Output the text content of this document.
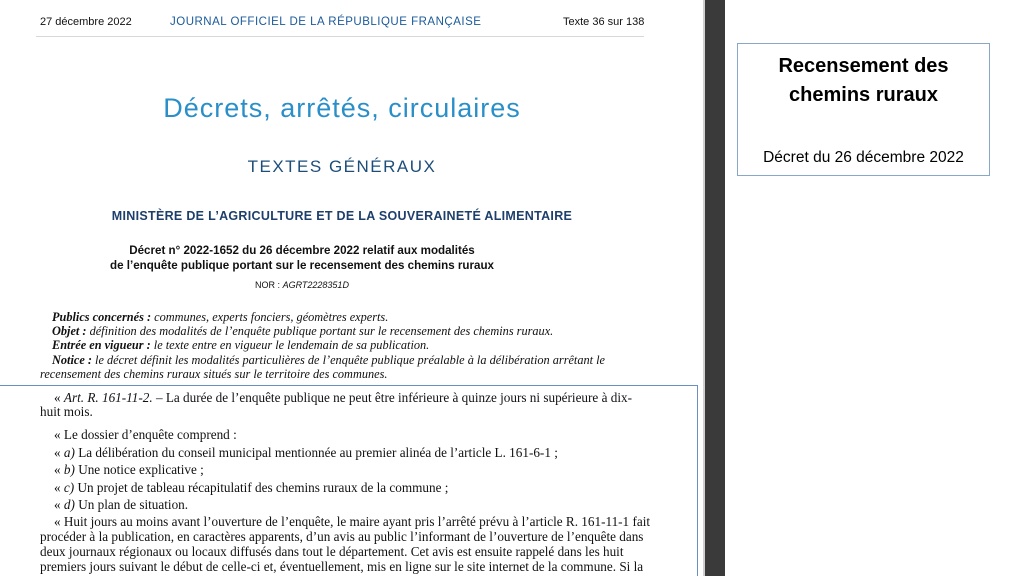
27 décembre 2022	JOURNAL OFFICIEL DE LA RÉPUBLIQUE FRANÇAISE	Texte 36 sur 138
Décrets, arrêtés, circulaires
TEXTES GÉNÉRAUX
MINISTÈRE DE L’AGRICULTURE ET DE LA SOUVERAINETÉ ALIMENTAIRE
Décret n° 2022-1652 du 26 décembre 2022 relatif aux modalités
de l’enquête publique portant sur le recensement des chemins ruraux
NOR : AGRT2228351D
Publics concernés : communes, experts fonciers, géomètres experts.
Objet : définition des modalités de l’enquête publique portant sur le recensement des chemins ruraux.
Entrée en vigueur : le texte entre en vigueur le lendemain de sa publication.
Notice : le décret définit les modalités particulières de l’enquête publique préalable à la délibération arrêtant le
recensement des chemins ruraux situés sur le territoire des communes.
« Art. R. 161-11-2. – La durée de l’enquête publique ne peut être inférieure à quinze jours ni supérieure à dix-
huit mois.
« Le dossier d’enquête comprend :
« a) La délibération du conseil municipal mentionnée au premier alinéa de l’article L. 161-6-1 ;
« b) Une notice explicative ;
« c) Un projet de tableau récapitulatif des chemins ruraux de la commune ;
« d) Un plan de situation.
« Huit jours au moins avant l’ouverture de l’enquête, le maire ayant pris l’arrêté prévu à l’article R. 161-11-1 fait
procéder à la publication, en caractères apparents, d’un avis au public l’informant de l’ouverture de l’enquête dans
deux journaux régionaux ou locaux diffusés dans tout le département. Cet avis est ensuite rappelé dans les huit
premiers jours suivant le début de celle-ci et, éventuellement, mis en ligne sur le site internet de la commune. Si la
Recensement des chemins ruraux
Décret du 26 décembre 2022
